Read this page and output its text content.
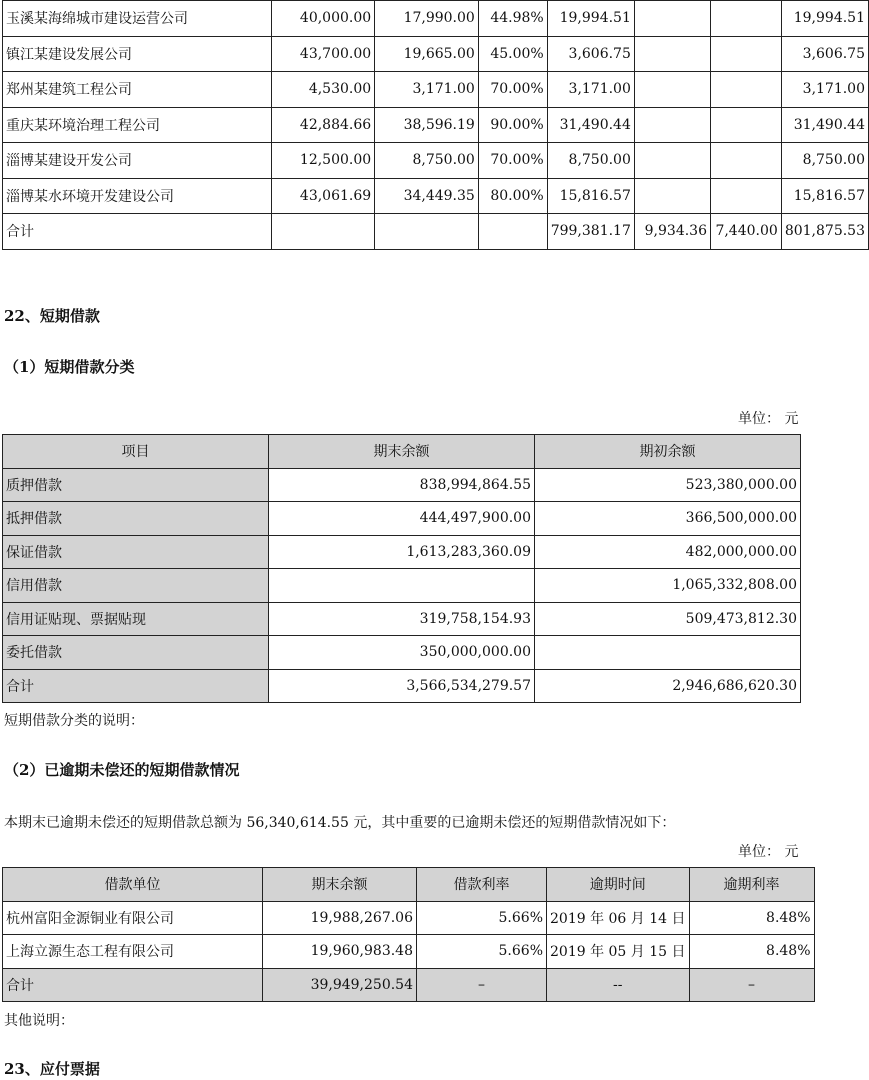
玉溪某海绵城市建设运营公司	40,000.00	17,990.00	44.98%	19,994.51			19,994.51
镇江某建设发展公司	43,700.00	19,665.00	45.00%	3,606.75			3,606.75
郑州某建筑工程公司	4,530.00	3,171.00	70.00%	3,171.00			3,171.00
重庆某环境治理工程公司	42,884.66	38,596.19	90.00%	31,490.44			31,490.44
淄博某建设开发公司	12,500.00	8,750.00	70.00%	8,750.00			8,750.00
淄博某水环境开发建设公司	43,061.69	34,449.35	80.00%	15,816.57			15,816.57
合计				799,381.17	9,934.36	7,440.00	801,875.53
22、短期借款
（1）短期借款分类
单位： 元
项目	期末余额	期初余额
质押借款	838,994,864.55	523,380,000.00
抵押借款	444,497,900.00	366,500,000.00
保证借款	1,613,283,360.09	482,000,000.00
信用借款		1,065,332,808.00
信用证贴现、票据贴现	319,758,154.93	509,473,812.30
委托借款	350,000,000.00	
合计	3,566,534,279.57	2,946,686,620.30
短期借款分类的说明：
（2）已逾期未偿还的短期借款情况
本期末已逾期未偿还的短期借款总额为 56,340,614.55 元，其中重要的已逾期未偿还的短期借款情况如下：
单位： 元
借款单位	期末余额	借款利率	逾期时间	逾期利率
杭州富阳金源铜业有限公司	19,988,267.06	5.66%	2019 年 06 月 14 日	8.48%
上海立源生态工程有限公司	19,960,983.48	5.66%	2019 年 05 月 15 日	8.48%
合计	39,949,250.54	–	--	–
其他说明：
23、应付票据
